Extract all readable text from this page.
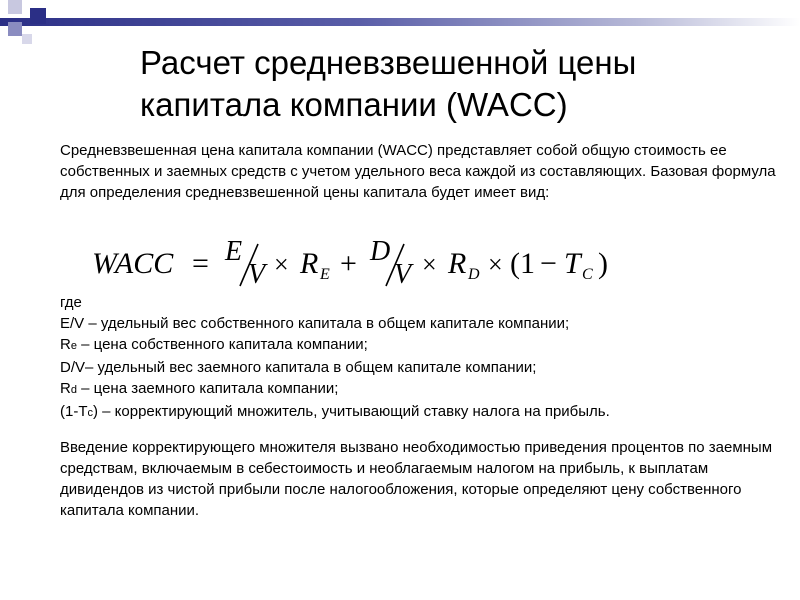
Расчет средневзвешенной цены
капитала компании (WACC)
Средневзвешенная цена капитала компании (WACC) представляет собой общую стоимость ее собственных и заемных средств с учетом удельного веса каждой из составляющих. Базовая формула для определения средневзвешенной цены капитала будет имеет вид:
WACC = E
V × R E + D
V × R D × (1 − T C )
где
E/V – удельный вес собственного капитала в общем капитале компании;
Re – цена собственного капитала компании;
D/V– удельный вес заемного капитала в общем капитале компании;
Rd – цена заемного капитала компании;
(1-Tc) – корректирующий множитель, учитывающий ставку налога на прибыль.
Введение корректирующего множителя вызвано необходимостью приведения процентов по заемным средствам, включаемым в себестоимость и необлагаемым налогом на прибыль, к выплатам дивидендов из чистой прибыли после налогообложения, которые определяют цену собственного капитала компании.
